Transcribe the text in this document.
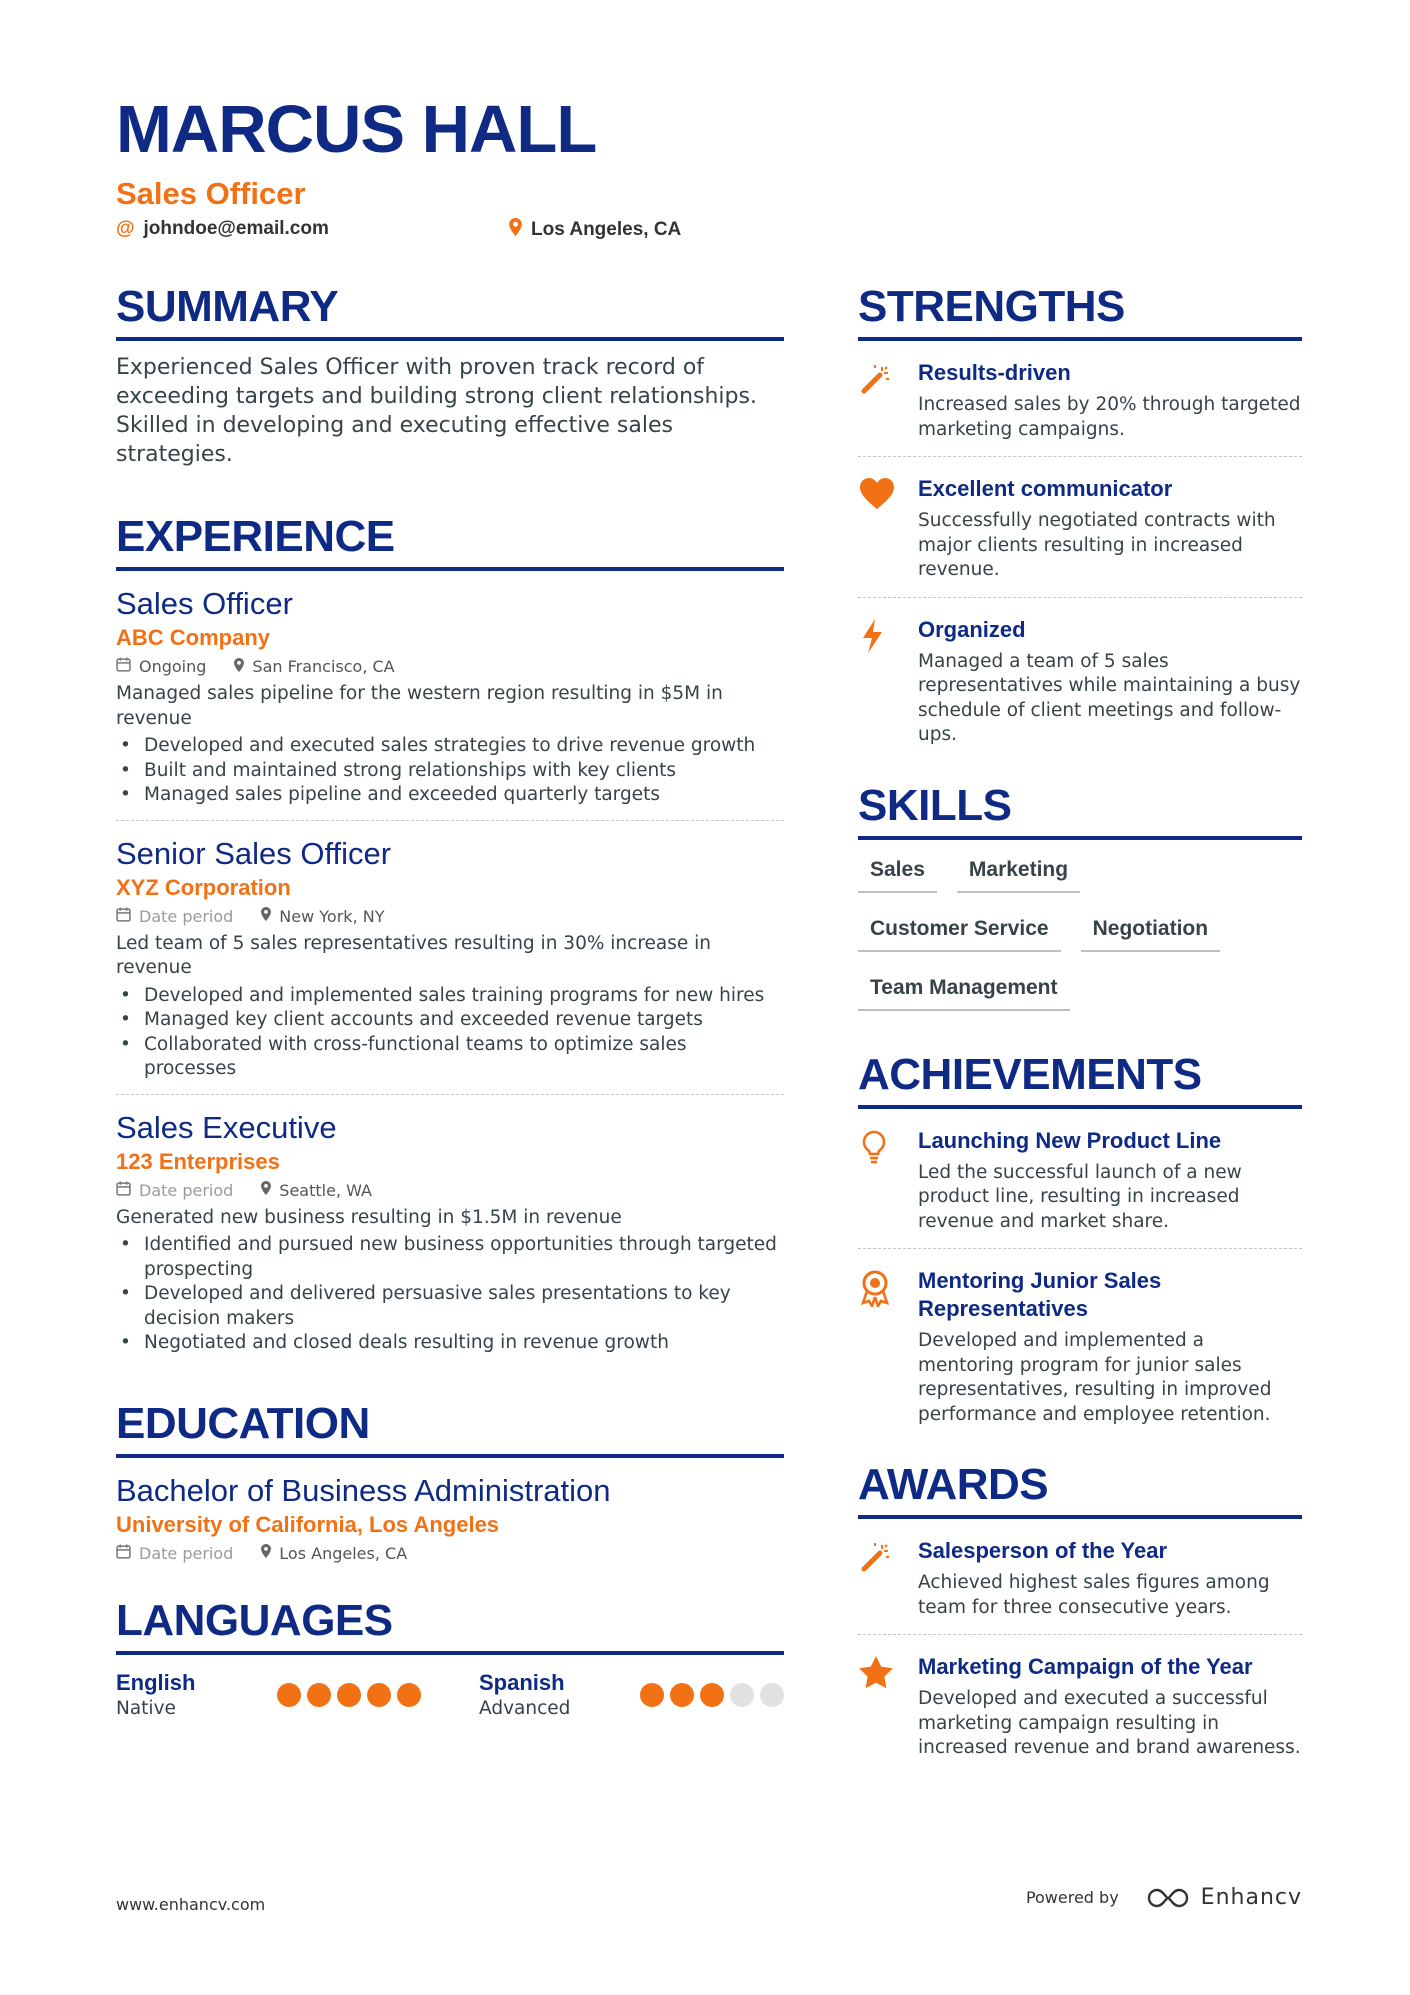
MARCUS HALL
Sales Officer
@ johndoe@email.com	Los Angeles, CA
SUMMARY

Experienced Sales Officer with proven track record of exceeding targets and building strong client relationships. Skilled in developing and executing effective sales strategies.

EXPERIENCE
Sales Officer
ABC Company
Ongoing	San Francisco, CA
Managed sales pipeline for the western region resulting in $5M in revenue
• Developed and executed sales strategies to drive revenue growth
• Built and maintained strong relationships with key clients
• Managed sales pipeline and exceeded quarterly targets
Senior Sales Officer
XYZ Corporation
Date period	New York, NY
Led team of 5 sales representatives resulting in 30% increase in revenue
• Developed and implemented sales training programs for new hires
• Managed key client accounts and exceeded revenue targets
• Collaborated with cross-functional teams to optimize sales processes
Sales Executive
123 Enterprises
Date period	Seattle, WA
Generated new business resulting in $1.5M in revenue
• Identified and pursued new business opportunities through targeted prospecting
• Developed and delivered persuasive sales presentations to key decision makers
• Negotiated and closed deals resulting in revenue growth
EDUCATION
Bachelor of Business Administration
University of California, Los Angeles
Date period	Los Angeles, CA
LANGUAGES
English
Native
Spanish
Advanced
STRENGTHS
Results-driven
Increased sales by 20% through targeted marketing campaigns.
Excellent communicator
Successfully negotiated contracts with major clients resulting in increased revenue.
Organized
Managed a team of 5 sales representatives while maintaining a busy schedule of client meetings and follow-ups.
SKILLS
Sales	Marketing
Customer Service	Negotiation
Team Management
ACHIEVEMENTS
Launching New Product Line
Led the successful launch of a new product line, resulting in increased revenue and market share.
Mentoring Junior Sales Representatives
Developed and implemented a mentoring program for junior sales representatives, resulting in improved performance and employee retention.
AWARDS
Salesperson of the Year
Achieved highest sales figures among team for three consecutive years.
Marketing Campaign of the Year
Developed and executed a successful marketing campaign resulting in increased revenue and brand awareness.
www.enhancv.com	Powered by	Enhancv
